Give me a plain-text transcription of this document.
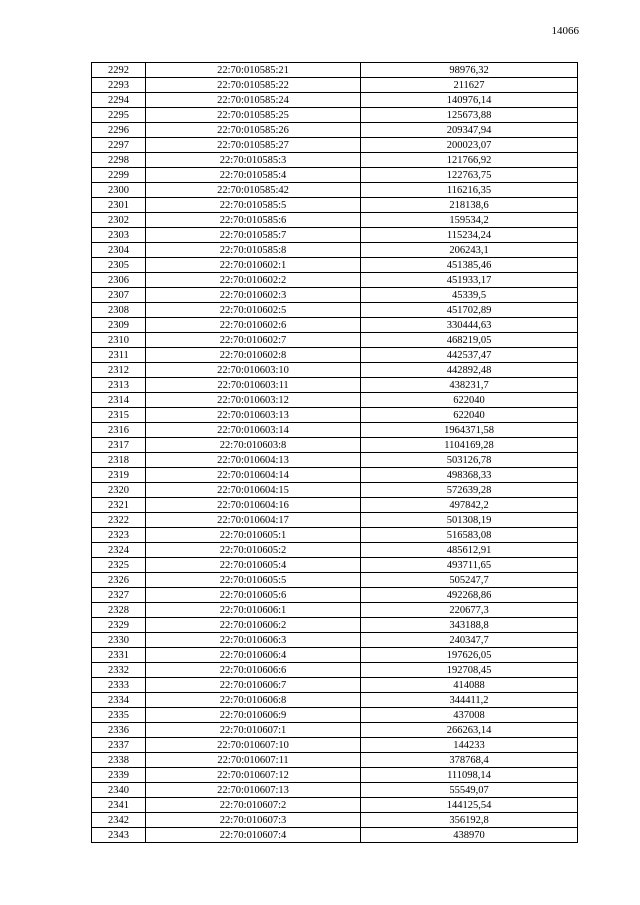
14066
2292	22:70:010585:21	98976,32
2293	22:70:010585:22	211627
2294	22:70:010585:24	140976,14
2295	22:70:010585:25	125673,88
2296	22:70:010585:26	209347,94
2297	22:70:010585:27	200023,07
2298	22:70:010585:3	121766,92
2299	22:70:010585:4	122763,75
2300	22:70:010585:42	116216,35
2301	22:70:010585:5	218138,6
2302	22:70:010585:6	159534,2
2303	22:70:010585:7	115234,24
2304	22:70:010585:8	206243,1
2305	22:70:010602:1	451385,46
2306	22:70:010602:2	451933,17
2307	22:70:010602:3	45339,5
2308	22:70:010602:5	451702,89
2309	22:70:010602:6	330444,63
2310	22:70:010602:7	468219,05
2311	22:70:010602:8	442537,47
2312	22:70:010603:10	442892,48
2313	22:70:010603:11	438231,7
2314	22:70:010603:12	622040
2315	22:70:010603:13	622040
2316	22:70:010603:14	1964371,58
2317	22:70:010603:8	1104169,28
2318	22:70:010604:13	503126,78
2319	22:70:010604:14	498368,33
2320	22:70:010604:15	572639,28
2321	22:70:010604:16	497842,2
2322	22:70:010604:17	501308,19
2323	22:70:010605:1	516583,08
2324	22:70:010605:2	485612,91
2325	22:70:010605:4	493711,65
2326	22:70:010605:5	505247,7
2327	22:70:010605:6	492268,86
2328	22:70:010606:1	220677,3
2329	22:70:010606:2	343188,8
2330	22:70:010606:3	240347,7
2331	22:70:010606:4	197626,05
2332	22:70:010606:6	192708,45
2333	22:70:010606:7	414088
2334	22:70:010606:8	344411,2
2335	22:70:010606:9	437008
2336	22:70:010607:1	266263,14
2337	22:70:010607:10	144233
2338	22:70:010607:11	378768,4
2339	22:70:010607:12	111098,14
2340	22:70:010607:13	55549,07
2341	22:70:010607:2	144125,54
2342	22:70:010607:3	356192,8
2343	22:70:010607:4	438970
